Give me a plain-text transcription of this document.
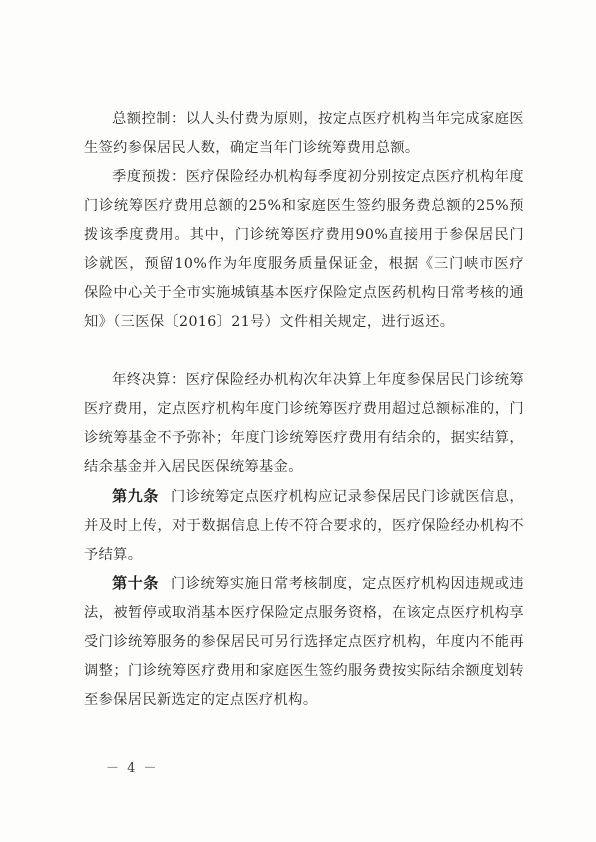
总额控制：以人头付费为原则，按定点医疗机构当年完成家庭医生签约参保居民人数，确定当年门诊统筹费用总额。

季度预拨：医疗保险经办机构每季度初分别按定点医疗机构年度门诊统筹医疗费用总额的25%和家庭医生签约服务费总额的25%预拨该季度费用。其中，门诊统筹医疗费用90%直接用于参保居民门诊就医，预留10%作为年度服务质量保证金，根据《三门峡市医疗保险中心关于全市实施城镇基本医疗保险定点医药机构日常考核的通知》（三医保〔2016〕21号）文件相关规定，进行返还。

年终决算：医疗保险经办机构次年决算上年度参保居民门诊统筹医疗费用，定点医疗机构年度门诊统筹医疗费用超过总额标准的，门诊统筹基金不予弥补；年度门诊统筹医疗费用有结余的，据实结算，结余基金并入居民医保统筹基金。

第九条 门诊统筹定点医疗机构应记录参保居民门诊就医信息，并及时上传，对于数据信息上传不符合要求的，医疗保险经办机构不予结算。

第十条 门诊统筹实施日常考核制度，定点医疗机构因违规或违法，被暂停或取消基本医疗保险定点服务资格，在该定点医疗机构享受门诊统筹服务的参保居民可另行选择定点医疗机构，年度内不能再调整；门诊统筹医疗费用和家庭医生签约服务费按实际结余额度划转至参保居民新选定的定点医疗机构。

－ 4 －
